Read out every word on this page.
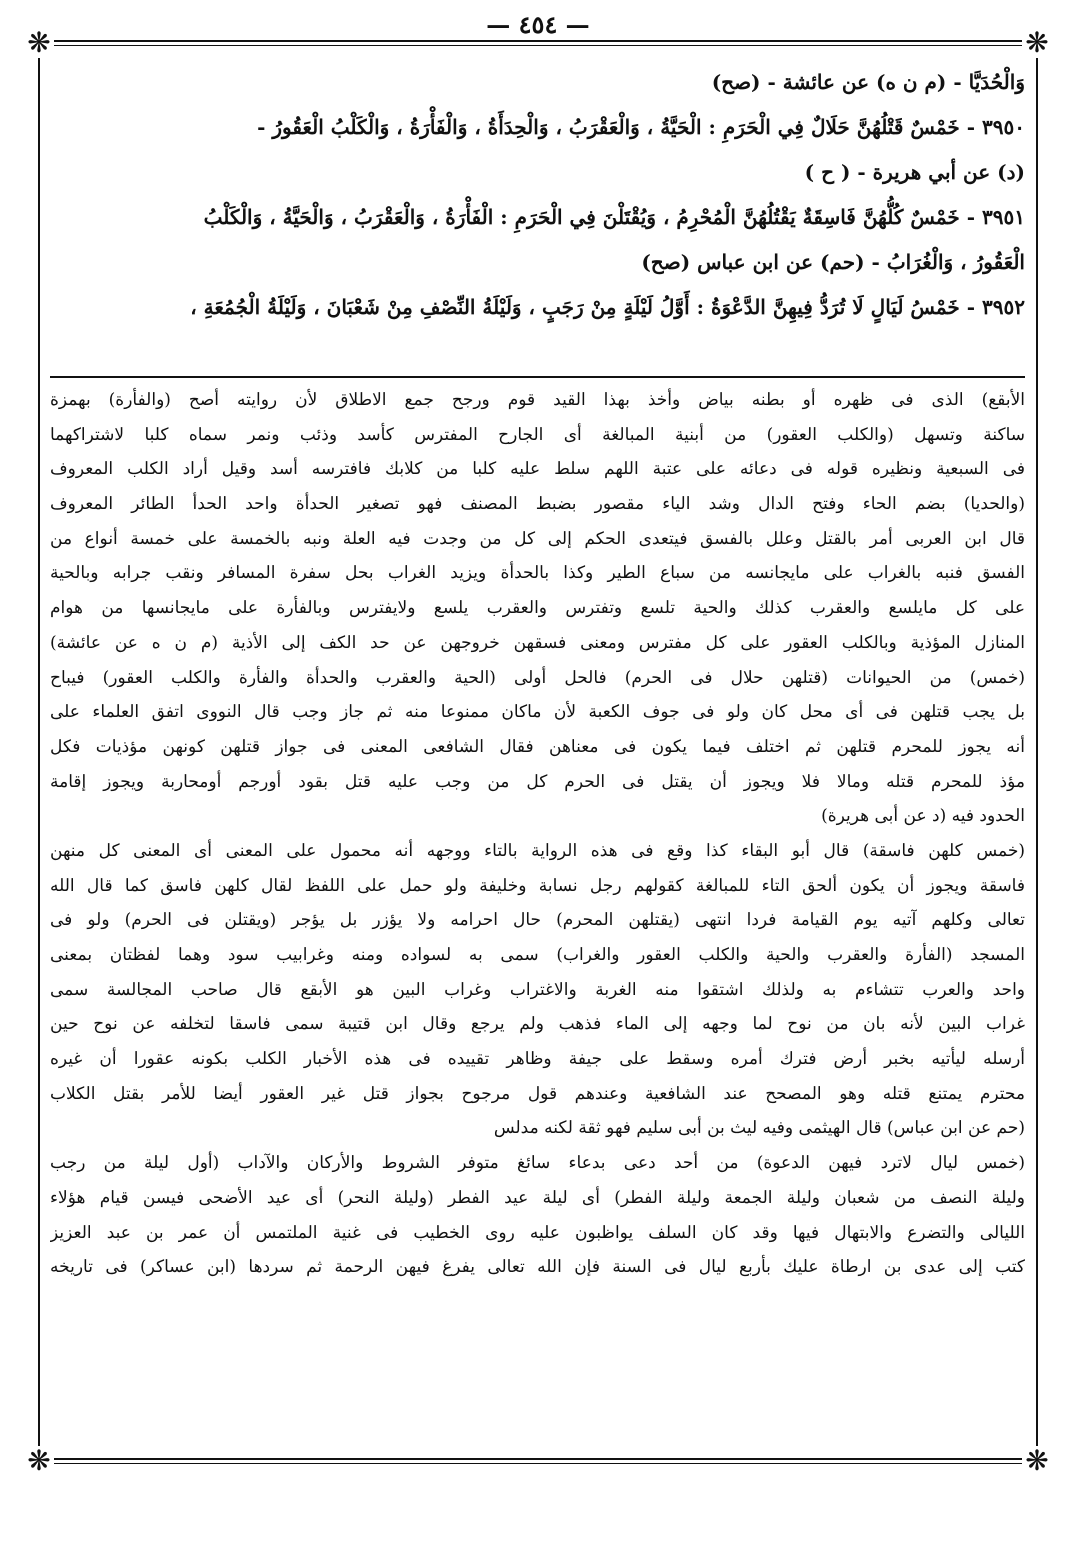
— ٤٥٤ —
❋	❋
❋	❋
وَالْحُدَيَّا - (م ن ه) عن عائشة - (صح)
٣٩٥٠ - خَمْسٌ قَتْلُهُنَّ حَلَالٌ فِي الْحَرَمِ : الْحَيَّةُ ، وَالْعَقْرَبُ ، وَالْحِدَأَةُ ، وَالْفَأْرَةُ ، وَالْكَلْبُ الْعَقُورُ -
(د) عن أبي هريرة - ( ح )
٣٩٥١ - خَمْسٌ كُلُّهُنَّ فَاسِقَةٌ يَقْتُلُهُنَّ الْمُحْرِمُ ، وَيُقْتَلْنَ فِي الْحَرَمِ : الْفَأْرَةُ ، وَالْعَقْرَبُ ، وَالْحَيَّةُ ، وَالْكَلْبُ
الْعَقُورُ ، وَالْغُرَابُ - (حم) عن ابن عباس (صح)
٣٩٥٢ - خَمْسُ لَيَالٍ لَا تُرَدُّ فِيهِنَّ الدَّعْوَةُ : أَوَّلُ لَيْلَةٍ مِنْ رَجَبٍ ، وَلَيْلَةُ النِّصْفِ مِنْ شَعْبَانَ ، وَلَيْلَةُ الْجُمُعَةِ ،
الأبقع) الذى فى ظهره أو بطنه بياض وأخذ بهذا القيد قوم ورجح جمع الاطلاق لأن روايته أصح (والفأرة) بهمزة
ساكنة وتسهل (والكلب العقور) من أبنية المبالغة أى الجارح المفترس كأسد وذئب ونمر سماه كلبا لاشتراكهما
فى السبعية ونظيره قوله فى دعائه على عتبة اللهم سلط عليه كلبا من كلابك فافترسه أسد وقيل أراد الكلب المعروف
(والحديا) بضم الحاء وفتح الدال وشد الياء مقصور بضبط المصنف فهو تصغير الحدأة واحد الحدأ الطائر المعروف
قال ابن العربى أمر بالقتل وعلل بالفسق فيتعدى الحكم إلى كل من وجدت فيه العلة ونبه بالخمسة على خمسة أنواع من
الفسق فنبه بالغراب على مايجانسه من سباع الطير وكذا بالحدأة ويزيد الغراب بحل سفرة المسافر ونقب جرابه وبالحية
على كل مايلسع والعقرب كذلك والحية تلسع وتفترس والعقرب يلسع ولايفترس وبالفأرة على مايجانسها من هوام
المنازل المؤذية وبالكلب العقور على كل مفترس ومعنى فسقهن خروجهن عن حد الكف إلى الأذية (م ن ه عن عائشة)
(خمس) من الحيوانات (قتلهن حلال فى الحرم) فالحل أولى (الحية والعقرب والحدأة والفأرة والكلب العقور) فيباح
بل يجب قتلهن فى أى محل كان ولو فى جوف الكعبة لأن ماكان ممنوعا منه ثم جاز وجب قال النووى اتفق العلماء على
أنه يجوز للمحرم قتلهن ثم اختلف فيما يكون فى معناهن فقال الشافعى المعنى فى جواز قتلهن كونهن مؤذيات فكل
مؤذ للمحرم قتله ومالا فلا ويجوز أن يقتل فى الحرم كل من وجب عليه قتل بقود أورجم أومحاربة ويجوز إقامة
الحدود فيه (د عن أبى هريرة)
(خمس كلهن فاسقة) قال أبو البقاء كذا وقع فى هذه الرواية بالتاء ووجهه أنه محمول على المعنى أى المعنى كل منهن
فاسقة ويجوز أن يكون ألحق التاء للمبالغة كقولهم رجل نسابة وخليفة ولو حمل على اللفظ لقال كلهن فاسق كما قال الله
تعالى وكلهم آتيه يوم القيامة فردا انتهى (يقتلهن المحرم) حال احرامه ولا يؤزر بل يؤجر (ويقتلن فى الحرم) ولو فى
المسجد (الفأرة والعقرب والحية والكلب العقور والغراب) سمى به لسواده ومنه وغرابيب سود وهما لفظتان بمعنى
واحد والعرب تتشاءم به ولذلك اشتقوا منه الغربة والاغتراب وغراب البين هو الأبقع قال صاحب المجالسة سمى
غراب البين لأنه بان من نوح لما وجهه إلى الماء فذهب ولم يرجع وقال ابن قتيبة سمى فاسقا لتخلفه عن نوح حين
أرسله ليأتيه بخبر أرض فترك أمره وسقط على جيفة وظاهر تقييده فى هذه الأخبار الكلب بكونه عقورا أن غيره
محترم يمتنع قتله وهو المصحح عند الشافعية وعندهم قول مرجوح بجواز قتل غير العقور أيضا للأمر بقتل الكلاب
(حم عن ابن عباس) قال الهيثمى وفيه ليث بن أبى سليم فهو ثقة لكنه مدلس
(خمس ليال لاترد فيهن الدعوة) من أحد دعى بدعاء سائغ متوفر الشروط والأركان والآداب (أول ليلة من رجب
وليلة النصف من شعبان وليلة الجمعة وليلة الفطر) أى ليلة عيد الفطر (وليلة النحر) أى عيد الأضحى فيسن قيام هؤلاء
الليالى والتضرع والابتهال فيها وقد كان السلف يواظبون عليه روى الخطيب فى غنية الملتمس أن عمر بن عبد العزيز
كتب إلى عدى بن ارطاة عليك بأربع ليال فى السنة فإن الله تعالى يفرغ فيهن الرحمة ثم سردها (ابن عساكر) فى تاريخه
